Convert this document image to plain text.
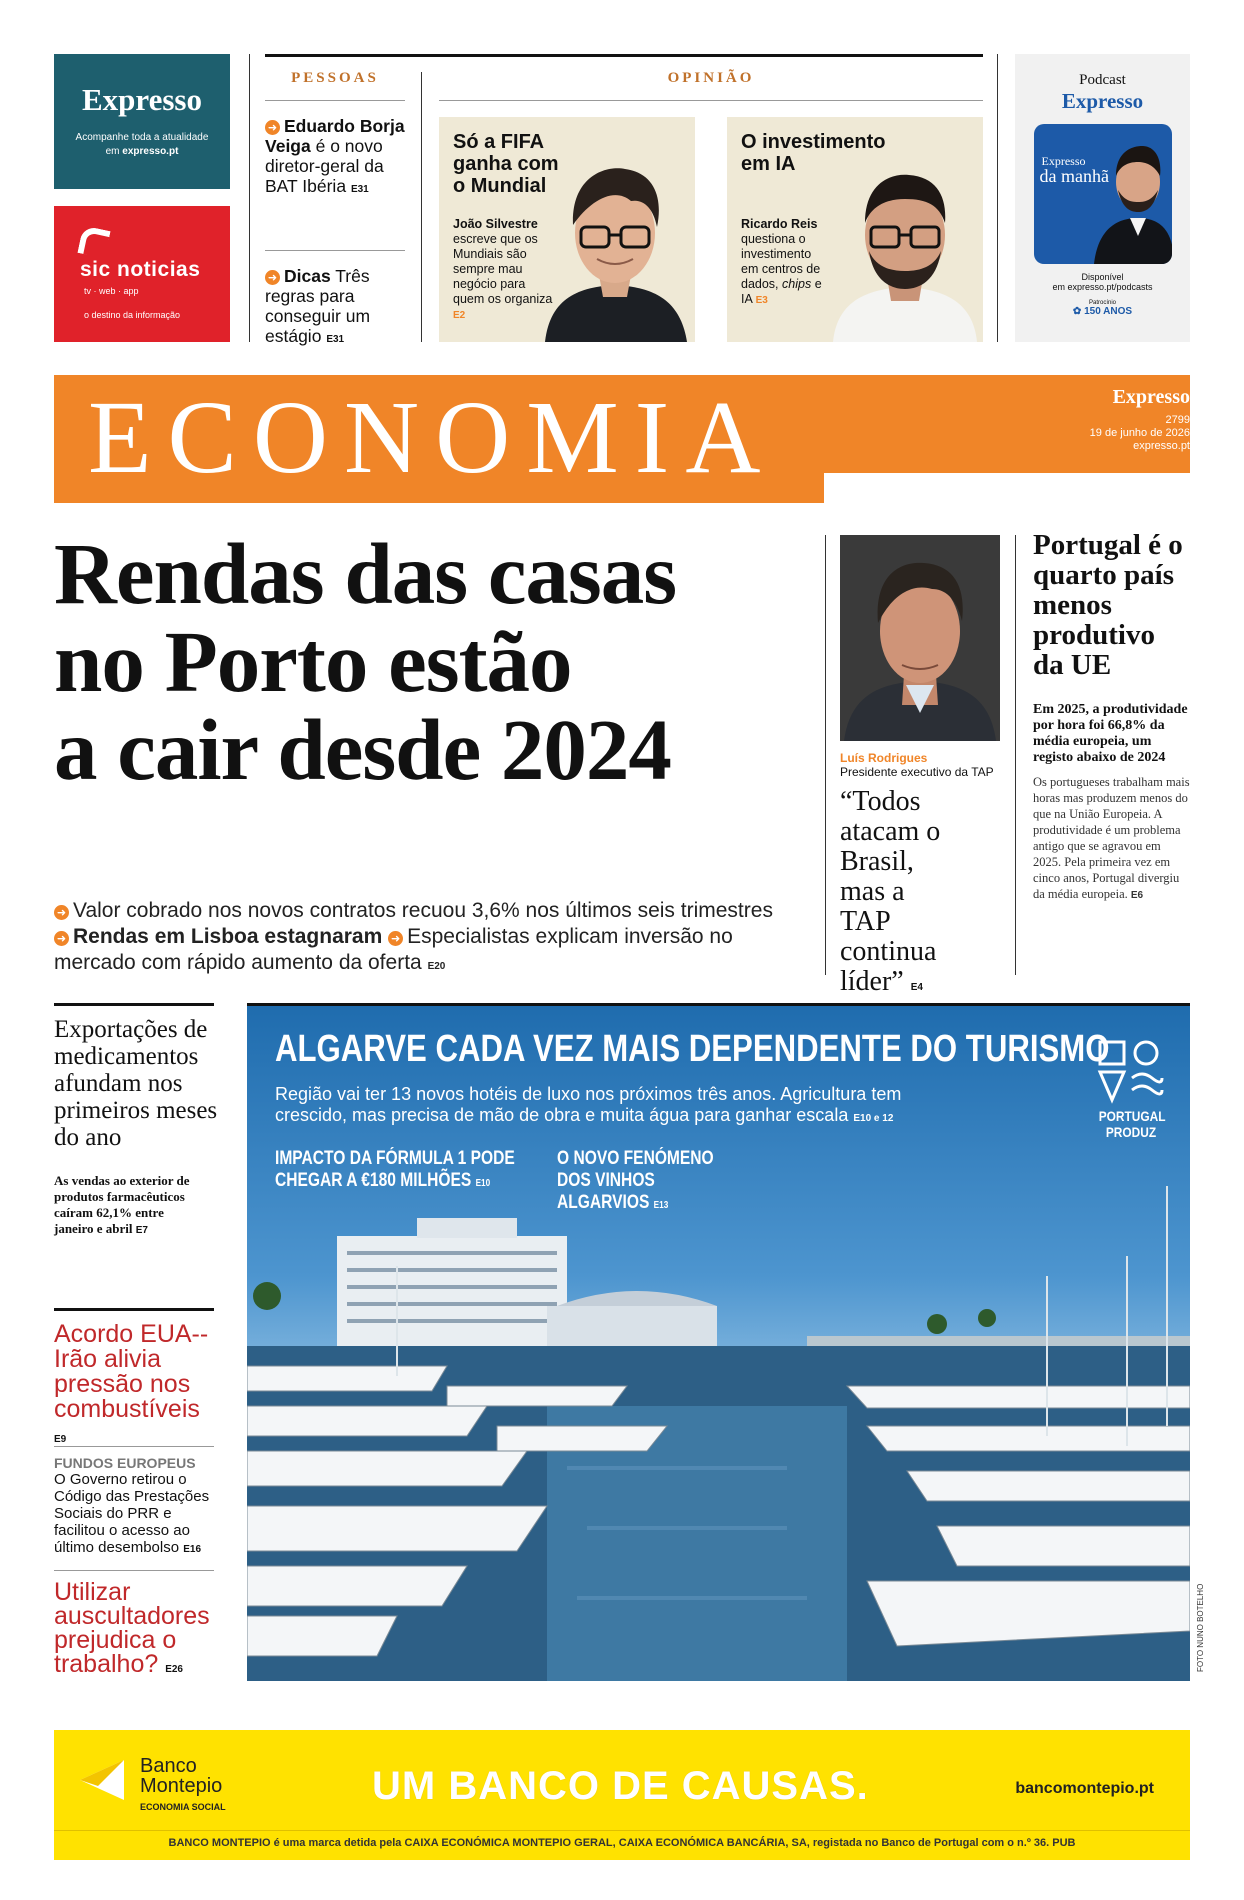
Expresso
Acompanhe toda a atualidade
em expresso.pt
sic noticias
tv · web · app
o destino da informação
PESSOAS
➜ Eduardo Borja Veiga é o novo diretor-geral da BAT Ibéria E31
➜ Dicas Três regras para conseguir um estágio E31
OPINIÃO
Só a FIFA ganha com o Mundial
João Silvestre escreve que os Mundiais são sempre mau negócio para quem os organiza E2
O investimento em IA
Ricardo Reis questiona o investimento em centros de dados, chips e IA E3
Podcast
Expresso
Expresso
da manhã
Disponível
em expresso.pt/podcasts
Patrocínio
✿ 150 ANOS
ECONOMIA	Expresso
2799
19 de junho de 2026
expresso.pt
Rendas das casas
no Porto estão
a cair desde 2024
➜ Valor cobrado nos novos contratos recuou 3,6% nos últimos seis trimestres ➜ Rendas em Lisboa estagnaram ➜ Especialistas explicam inversão no mercado com rápido aumento da oferta E20
Luís Rodrigues
Presidente executivo da TAP
“Todos atacam o Brasil, mas a TAP continua líder” E4
Portugal é o quarto país menos produtivo da UE
Em 2025, a produtividade por hora foi 66,8% da média europeia, um registo abaixo de 2024
Os portugueses trabalham mais horas mas produzem menos do que na União Europeia. A produtividade é um problema antigo que se agravou em 2025. Pela primeira vez em cinco anos, Portugal divergiu da média europeia. E6
Exportações de medicamentos afundam nos primeiros meses do ano
As vendas ao exterior de produtos farmacêuticos caíram 62,1% entre janeiro e abril E7
Acordo EUA--Irão alivia pressão nos combustíveis E9
FUNDOS EUROPEUS
O Governo retirou o Código das Prestações Sociais do PRR e facilitou o acesso ao último desembolso E16
Utilizar auscultadores prejudica o trabalho? E26
ALGARVE CADA VEZ MAIS DEPENDENTE DO TURISMO
Região vai ter 13 novos hotéis de luxo nos próximos três anos. Agricultura tem crescido, mas precisa de mão de obra e muita água para ganhar escala E10 e 12
IMPACTO DA FÓRMULA 1 PODE CHEGAR A €180 MILHÕES E10
O NOVO FENÓMENO DOS VINHOS ALGARVIOS E13
PORTUGAL
PRODUZ
FOTO NUNO BOTELHO
Banco
Montepio
ECONOMIA SOCIAL	UM BANCO DE CAUSAS.	bancomontepio.pt
BANCO MONTEPIO é uma marca detida pela CAIXA ECONÓMICA MONTEPIO GERAL, CAIXA ECONÓMICA BANCÁRIA, SA, registada no Banco de Portugal com o n.º 36. PUB
